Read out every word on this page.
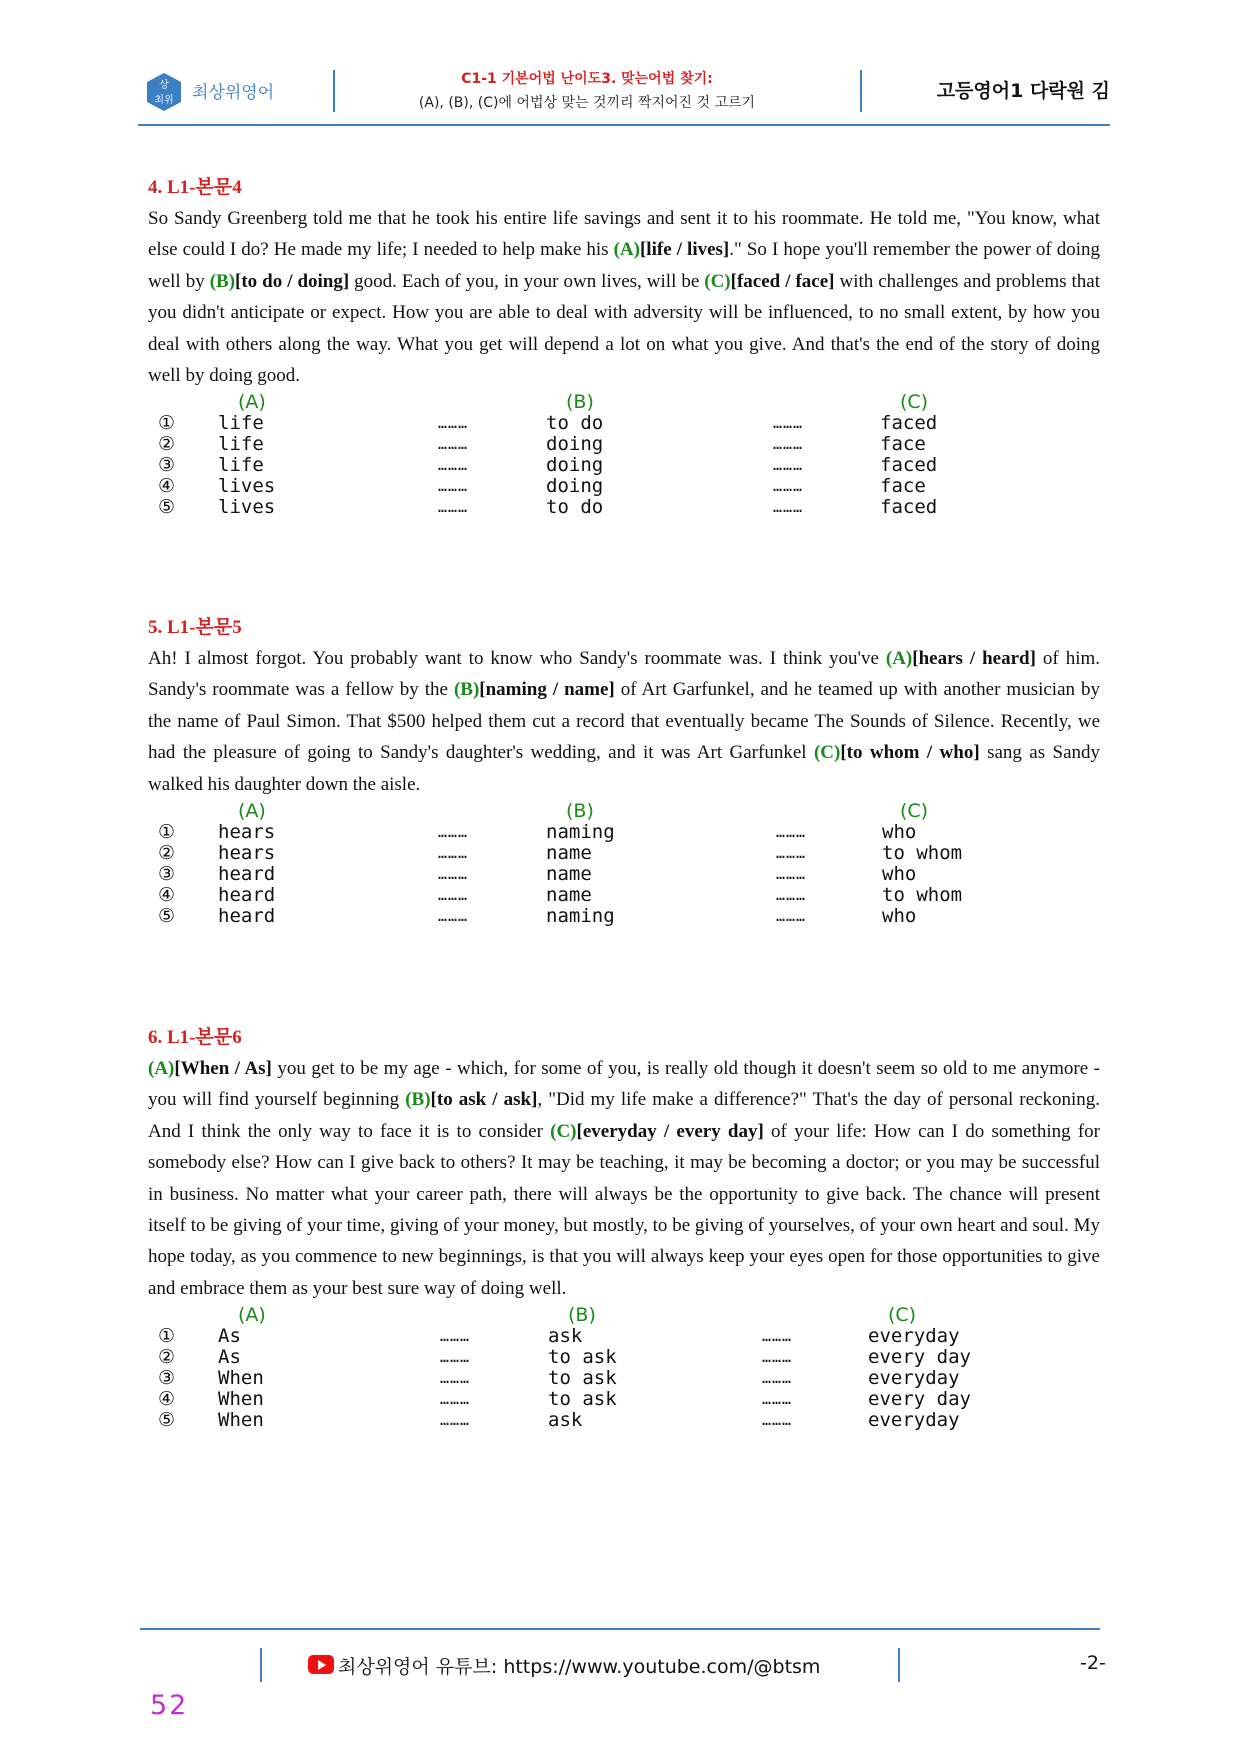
상
최위 최상위영어
C1-1 기본어법 난이도3. 맞는어법 찾기:
(A), (B), (C)에 어법상 맞는 것끼리 짝지어진 것 고르기
고등영어1 다락원 김
4. L1-본문4
So Sandy Greenberg told me that he took his entire life savings and sent it to his roommate. He told me, "You know, what else could I do? He made my life; I needed to help make his (A)[life / lives]." So I hope you'll remember the power of doing well by (B)[to do / doing] good. Each of you, in your own lives, will be (C)[faced / face] with challenges and problems that you didn't anticipate or expect. How you are able to deal with adversity will be influenced, to no small extent, by how you deal with others along the way. What you get will depend a lot on what you give. And that's the end of the story of doing well by doing good.
(A)	(B)	(C)
① life	………	to do	………	faced
② life	………	doing	………	face
③ life	………	doing	………	faced
④ lives	………	doing	………	face
⑤ lives	………	to do	………	faced
5. L1-본문5
Ah! I almost forgot. You probably want to know who Sandy's roommate was. I think you've (A)[hears / heard] of him. Sandy's roommate was a fellow by the (B)[naming / name] of Art Garfunkel, and he teamed up with another musician by the name of Paul Simon. That $500 helped them cut a record that eventually became The Sounds of Silence. Recently, we had the pleasure of going to Sandy's daughter's wedding, and it was Art Garfunkel (C)[to whom / who] sang as Sandy walked his daughter down the aisle.
(A)	(B)	(C)
① hears	………	naming	………	who
② hears	………	name	………	to whom
③ heard	………	name	………	who
④ heard	………	name	………	to whom
⑤ heard	………	naming	………	who
6. L1-본문6
(A)[When / As] you get to be my age - which, for some of you, is really old though it doesn't seem so old to me anymore - you will find yourself beginning (B)[to ask / ask], "Did my life make a difference?" That's the day of personal reckoning. And I think the only way to face it is to consider (C)[everyday / every day] of your life: How can I do something for somebody else? How can I give back to others? It may be teaching, it may be becoming a doctor; or you may be successful in business. No matter what your career path, there will always be the opportunity to give back. The chance will present itself to be giving of your time, giving of your money, but mostly, to be giving of yourselves, of your own heart and soul. My hope today, as you commence to new beginnings, is that you will always keep your eyes open for those opportunities to give and embrace them as your best sure way of doing well.
(A)	(B)	(C)
① As	………	ask	………	everyday
② As	………	to ask	………	every day
③ When	………	to ask	………	everyday
④ When	………	to ask	………	every day
⑤ When	………	ask	………	everyday
최상위영어 유튜브: https://www.youtube.com/@btsm	-2-
52
